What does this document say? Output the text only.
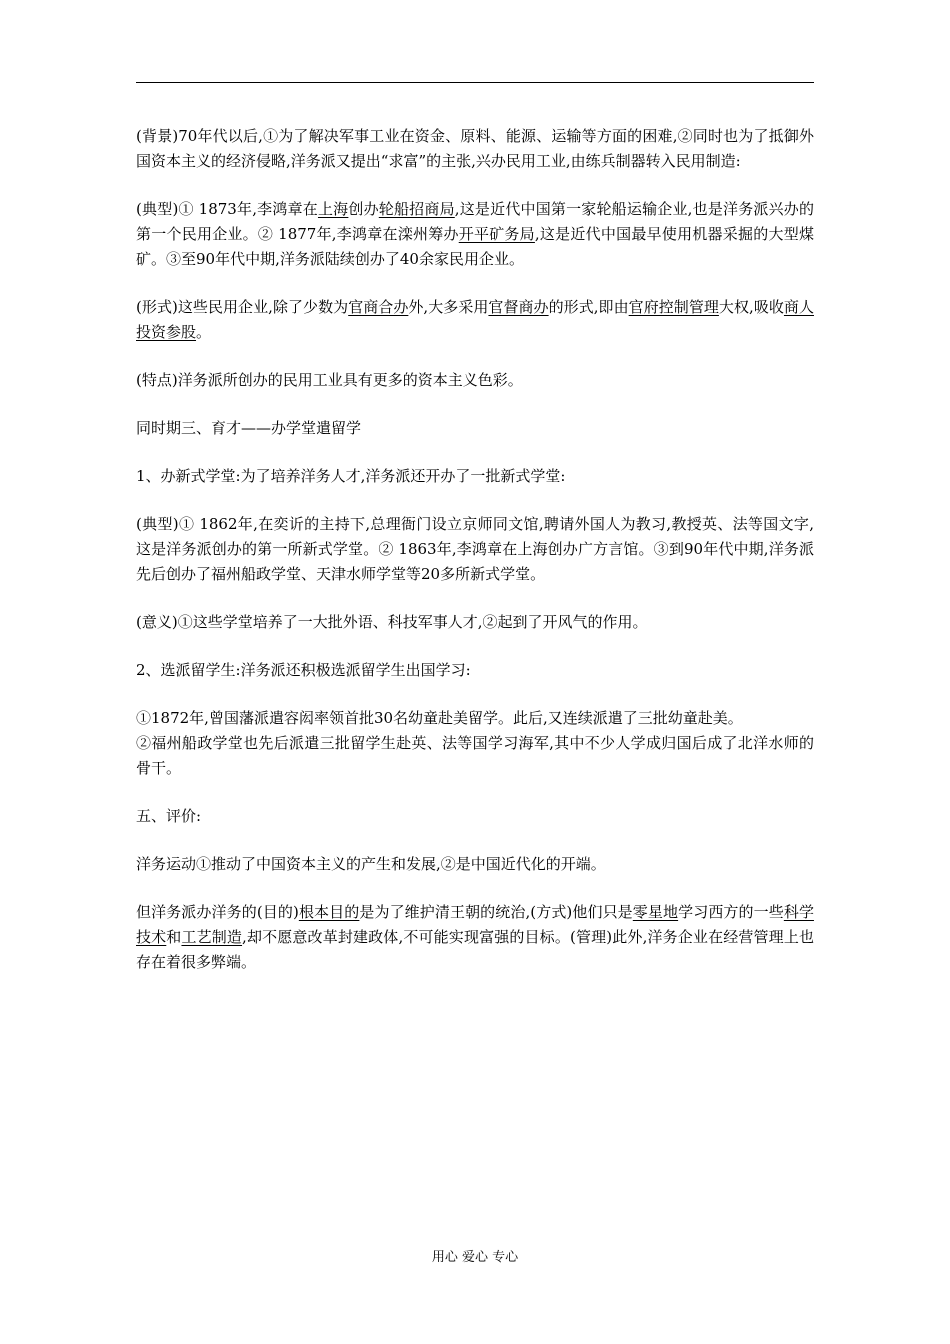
(背景)70年代以后,①为了解决军事工业在资金、原料、能源、运输等方面的困难,②同时也为了抵御外国资本主义的经济侵略,洋务派又提出“求富”的主张,兴办民用工业,由练兵制器转入民用制造:

(典型)① 1873年,李鸿章在上海创办轮船招商局,这是近代中国第一家轮船运输企业,也是洋务派兴办的第一个民用企业。② 1877年,李鸿章在滦州筹办开平矿务局,这是近代中国最早使用机器采掘的大型煤矿。③至90年代中期,洋务派陆续创办了40余家民用企业。

(形式)这些民用企业,除了少数为官商合办外,大多采用官督商办的形式,即由官府控制管理大权,吸收商人投资参股。

(特点)洋务派所创办的民用工业具有更多的资本主义色彩。

同时期三、育才——办学堂遣留学

1、办新式学堂:为了培养洋务人才,洋务派还开办了一批新式学堂:

(典型)① 1862年,在奕䜣的主持下,总理衙门设立京师同文馆,聘请外国人为教习,教授英、法等国文字,这是洋务派创办的第一所新式学堂。② 1863年,李鸿章在上海创办广方言馆。③到90年代中期,洋务派先后创办了福州船政学堂、天津水师学堂等20多所新式学堂。

(意义)①这些学堂培养了一大批外语、科技军事人才,②起到了开风气的作用。

2、选派留学生:洋务派还积极选派留学生出国学习:

①1872年,曾国藩派遣容闳率领首批30名幼童赴美留学。此后,又连续派遣了三批幼童赴美。
②福州船政学堂也先后派遣三批留学生赴英、法等国学习海军,其中不少人学成归国后成了北洋水师的骨干。

五、评价:

洋务运动①推动了中国资本主义的产生和发展,②是中国近代化的开端。

但洋务派办洋务的(目的)根本目的是为了维护清王朝的统治,(方式)他们只是零星地学习西方的一些科学技术和工艺制造,却不愿意改革封建政体,不可能实现富强的目标。(管理)此外,洋务企业在经营管理上也存在着很多弊端。

用心 爱心 专心
